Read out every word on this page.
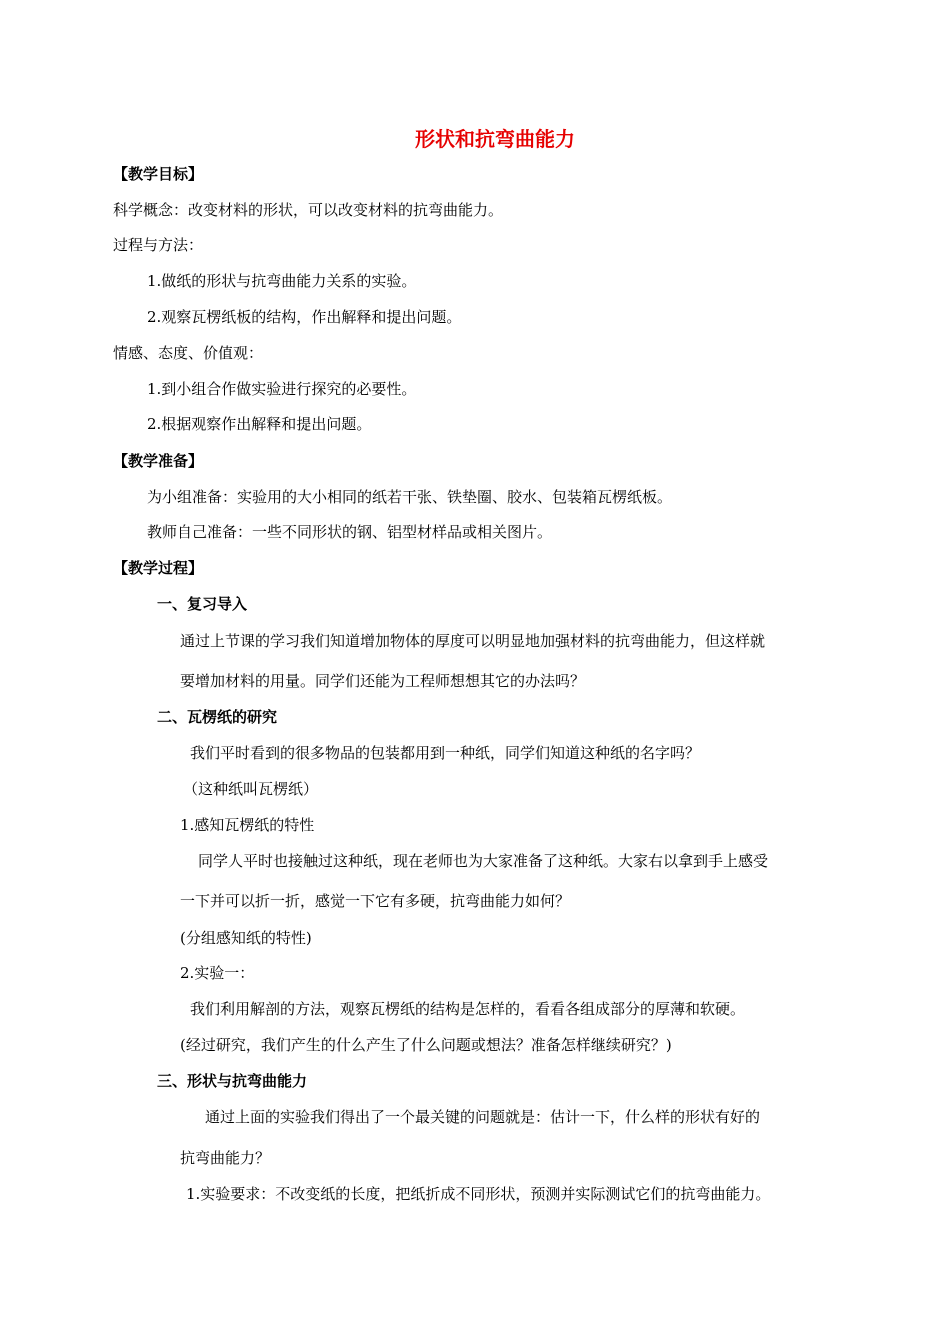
形状和抗弯曲能力
【教学目标】
科学概念：改变材料的形状，可以改变材料的抗弯曲能力。
过程与方法：
1.做纸的形状与抗弯曲能力关系的实验。
2.观察瓦楞纸板的结构，作出解释和提出问题。
情感、态度、价值观：
1.到小组合作做实验进行探究的必要性。
2.根据观察作出解释和提出问题。
【教学准备】
为小组准备：实验用的大小相同的纸若干张、铁垫圈、胶水、包装箱瓦楞纸板。
教师自己准备：一些不同形状的钢、铝型材样品或相关图片。
【教学过程】
一、复习导入
通过上节课的学习我们知道增加物体的厚度可以明显地加强材料的抗弯曲能力，但这样就
要增加材料的用量。同学们还能为工程师想想其它的办法吗？
二、瓦楞纸的研究
我们平时看到的很多物品的包装都用到一种纸，同学们知道这种纸的名字吗？
（这种纸叫瓦楞纸）
1.感知瓦楞纸的特性
同学人平时也接触过这种纸，现在老师也为大家准备了这种纸。大家右以拿到手上感受
一下并可以折一折，感觉一下它有多硬，抗弯曲能力如何？
(分组感知纸的特性)
2.实验一：
我们利用解剖的方法，观察瓦楞纸的结构是怎样的，看看各组成部分的厚薄和软硬。
(经过研究，我们产生的什么产生了什么问题或想法？准备怎样继续研究？)
三、形状与抗弯曲能力
通过上面的实验我们得出了一个最关键的问题就是：估计一下，什么样的形状有好的
抗弯曲能力？
1.实验要求：不改变纸的长度，把纸折成不同形状，预测并实际测试它们的抗弯曲能力。
